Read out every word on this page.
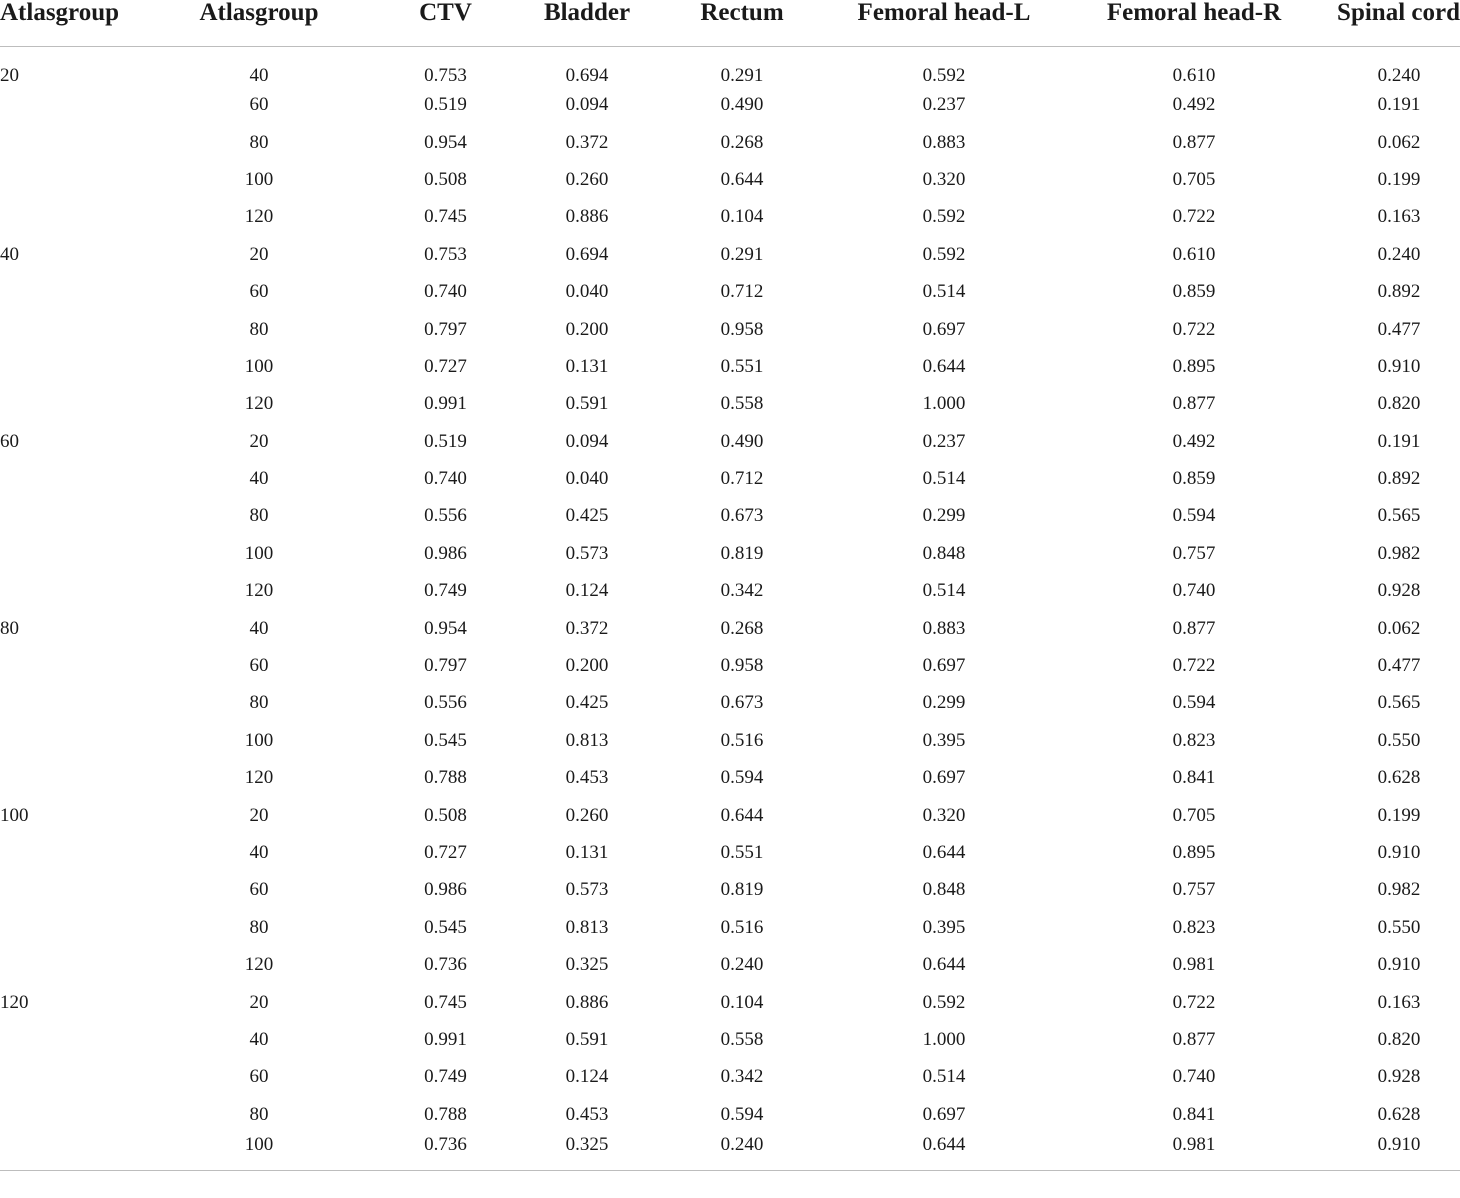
Atlasgroup	Atlasgroup	CTV	Bladder	Rectum	Femoral head-L	Femoral head-R	Spinal cord
20	40	0.753	0.694	0.291	0.592	0.610	0.240
	60	0.519	0.094	0.490	0.237	0.492	0.191
	80	0.954	0.372	0.268	0.883	0.877	0.062
	100	0.508	0.260	0.644	0.320	0.705	0.199
	120	0.745	0.886	0.104	0.592	0.722	0.163
40	20	0.753	0.694	0.291	0.592	0.610	0.240
	60	0.740	0.040	0.712	0.514	0.859	0.892
	80	0.797	0.200	0.958	0.697	0.722	0.477
	100	0.727	0.131	0.551	0.644	0.895	0.910
	120	0.991	0.591	0.558	1.000	0.877	0.820
60	20	0.519	0.094	0.490	0.237	0.492	0.191
	40	0.740	0.040	0.712	0.514	0.859	0.892
	80	0.556	0.425	0.673	0.299	0.594	0.565
	100	0.986	0.573	0.819	0.848	0.757	0.982
	120	0.749	0.124	0.342	0.514	0.740	0.928
80	40	0.954	0.372	0.268	0.883	0.877	0.062
	60	0.797	0.200	0.958	0.697	0.722	0.477
	80	0.556	0.425	0.673	0.299	0.594	0.565
	100	0.545	0.813	0.516	0.395	0.823	0.550
	120	0.788	0.453	0.594	0.697	0.841	0.628
100	20	0.508	0.260	0.644	0.320	0.705	0.199
	40	0.727	0.131	0.551	0.644	0.895	0.910
	60	0.986	0.573	0.819	0.848	0.757	0.982
	80	0.545	0.813	0.516	0.395	0.823	0.550
	120	0.736	0.325	0.240	0.644	0.981	0.910
120	20	0.745	0.886	0.104	0.592	0.722	0.163
	40	0.991	0.591	0.558	1.000	0.877	0.820
	60	0.749	0.124	0.342	0.514	0.740	0.928
	80	0.788	0.453	0.594	0.697	0.841	0.628
	100	0.736	0.325	0.240	0.644	0.981	0.910
